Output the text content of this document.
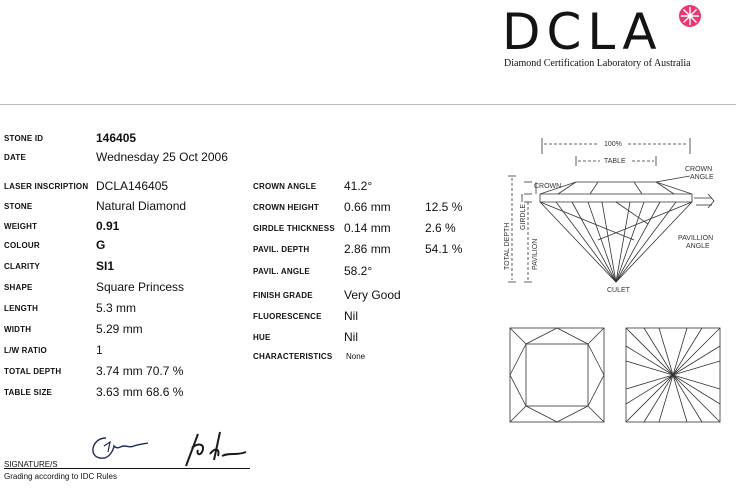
DCLA
Diamond Certification Laboratory of Australia
STONE ID	146405
DATE	Wednesday 25 Oct 2006
LASER INSCRIPTION DCLA146405
STONE	Natural Diamond
WEIGHT	0.91
COLOUR	G
CLARITY	SI1
SHAPE	Square Princess
LENGTH	5.3 mm
WIDTH	5.29 mm
L/W RATIO	1
TOTAL DEPTH	3.74 mm 70.7 %
TABLE SIZE	3.63 mm 68.6 %
CROWN ANGLE 41.2°
CROWN HEIGHT 0.66 mm	12.5 %
GIRDLE THICKNESS 0.14 mm	2.6 %
PAVIL. DEPTH	2.86 mm	54.1 %
PAVIL. ANGLE	58.2°
FINISH GRADE	Very Good
FLUORESCENCE Nil
HUE	Nil
CHARACTERISTICS None
100%
TABLE
CROWN
CROWN
ANGLE
PAVILLION
ANGLE
CULET
TOTAL DEPTH
GIRDLE
PAVILION
SIGNATURE/S
Grading according to IDC Rules
